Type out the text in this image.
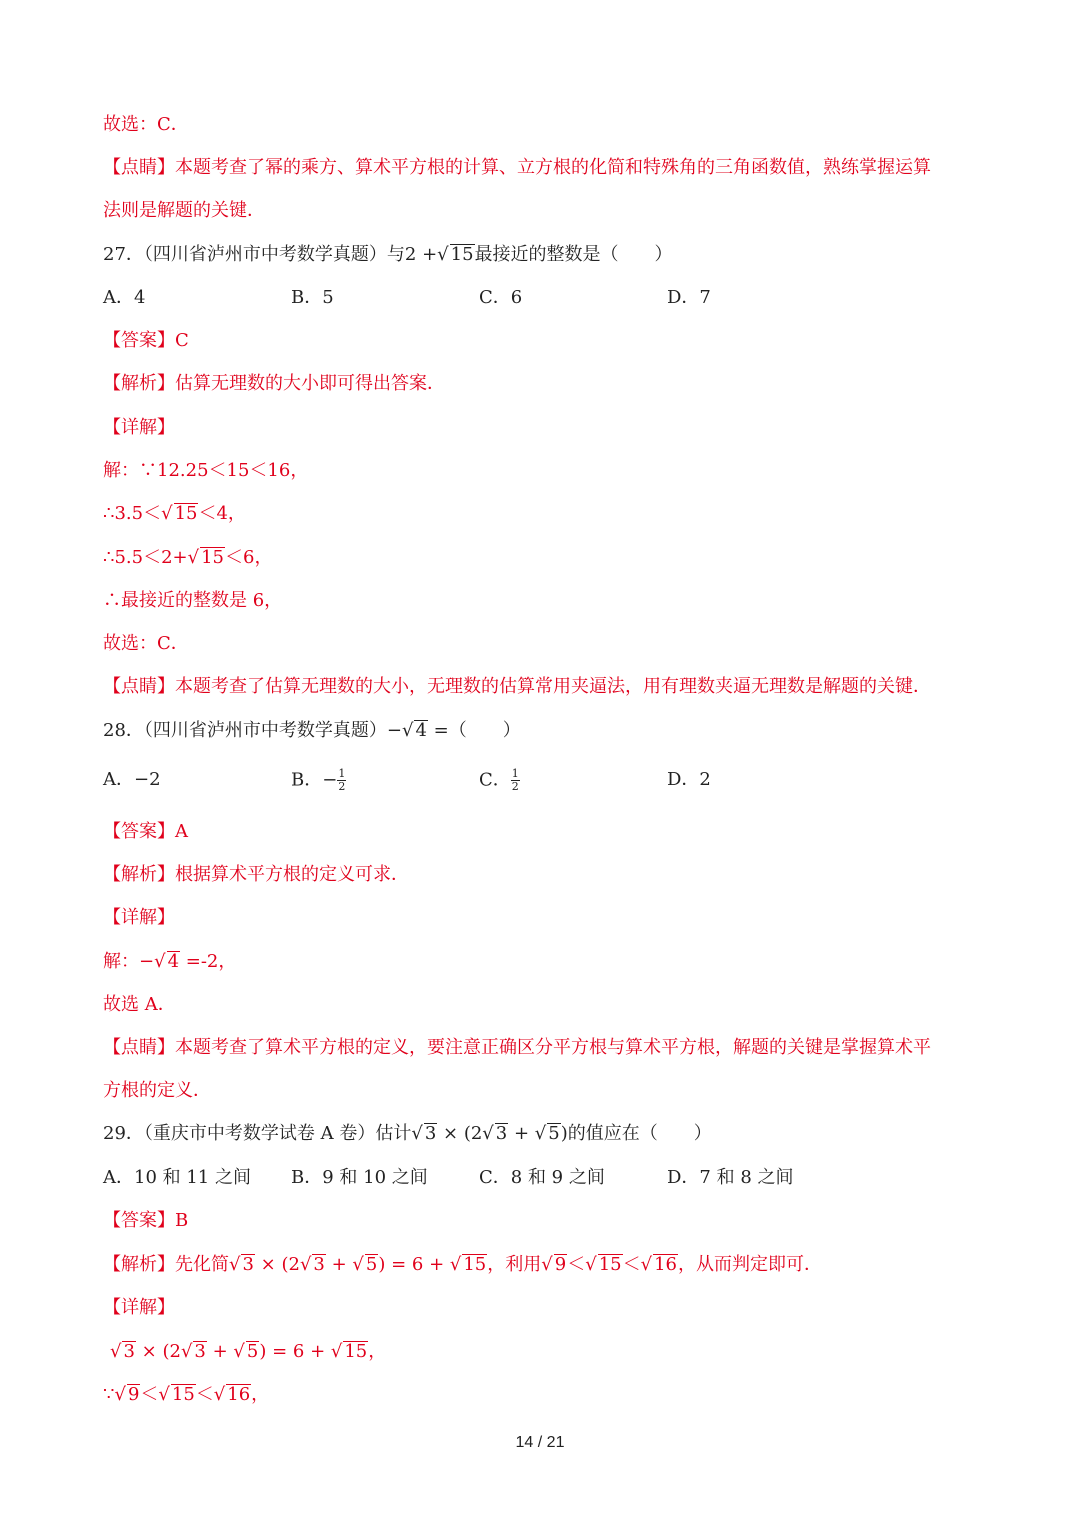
故选：C．
【点睛】本题考查了幂的乘方、算术平方根的计算、立方根的化简和特殊角的三角函数值，熟练掌握运算
法则是解题的关键．
27．（四川省泸州市中考数学真题）与2 +√ 15最接近的整数是（　　）
A．4	B．5	C．6	D．7
【答案】C
【解析】估算无理数的大小即可得出答案．
【详解】
解：∵12.25＜15＜16，
∴3.5＜√ 15＜4，
∴5.5＜2+√ 15＜6，
∴最接近的整数是 6，
故选：C．
【点睛】本题考查了估算无理数的大小，无理数的估算常用夹逼法，用有理数夹逼无理数是解题的关键．
28．（四川省泸州市中考数学真题）−√ 4 =（　　）
A．−2	B．− $\frac{1}{2}$	C． $\frac{1}{2}$	D．2
【答案】A
【解析】根据算术平方根的定义可求．
【详解】
解：−√ 4 =-2，
故选 A．
【点睛】本题考查了算术平方根的定义，要注意正确区分平方根与算术平方根，解题的关键是掌握算术平
方根的定义．
29．（重庆市中考数学试卷 A 卷）估计√ 3 × (2√ 3 + √ 5)的值应在（　　）
A．10 和 11 之间 B．9 和 10 之间	C．8 和 9 之间	D．7 和 8 之间
【答案】B
【解析】先化简√ 3 × (2√ 3 + √ 5) = 6 + √ 15，利用√ 9＜√ 15＜√ 16，从而判定即可．
【详解】
√ 3 × (2√ 3 + √ 5) = 6 + √ 15，
∵√ 9＜√ 15＜√ 16，
14 / 21
